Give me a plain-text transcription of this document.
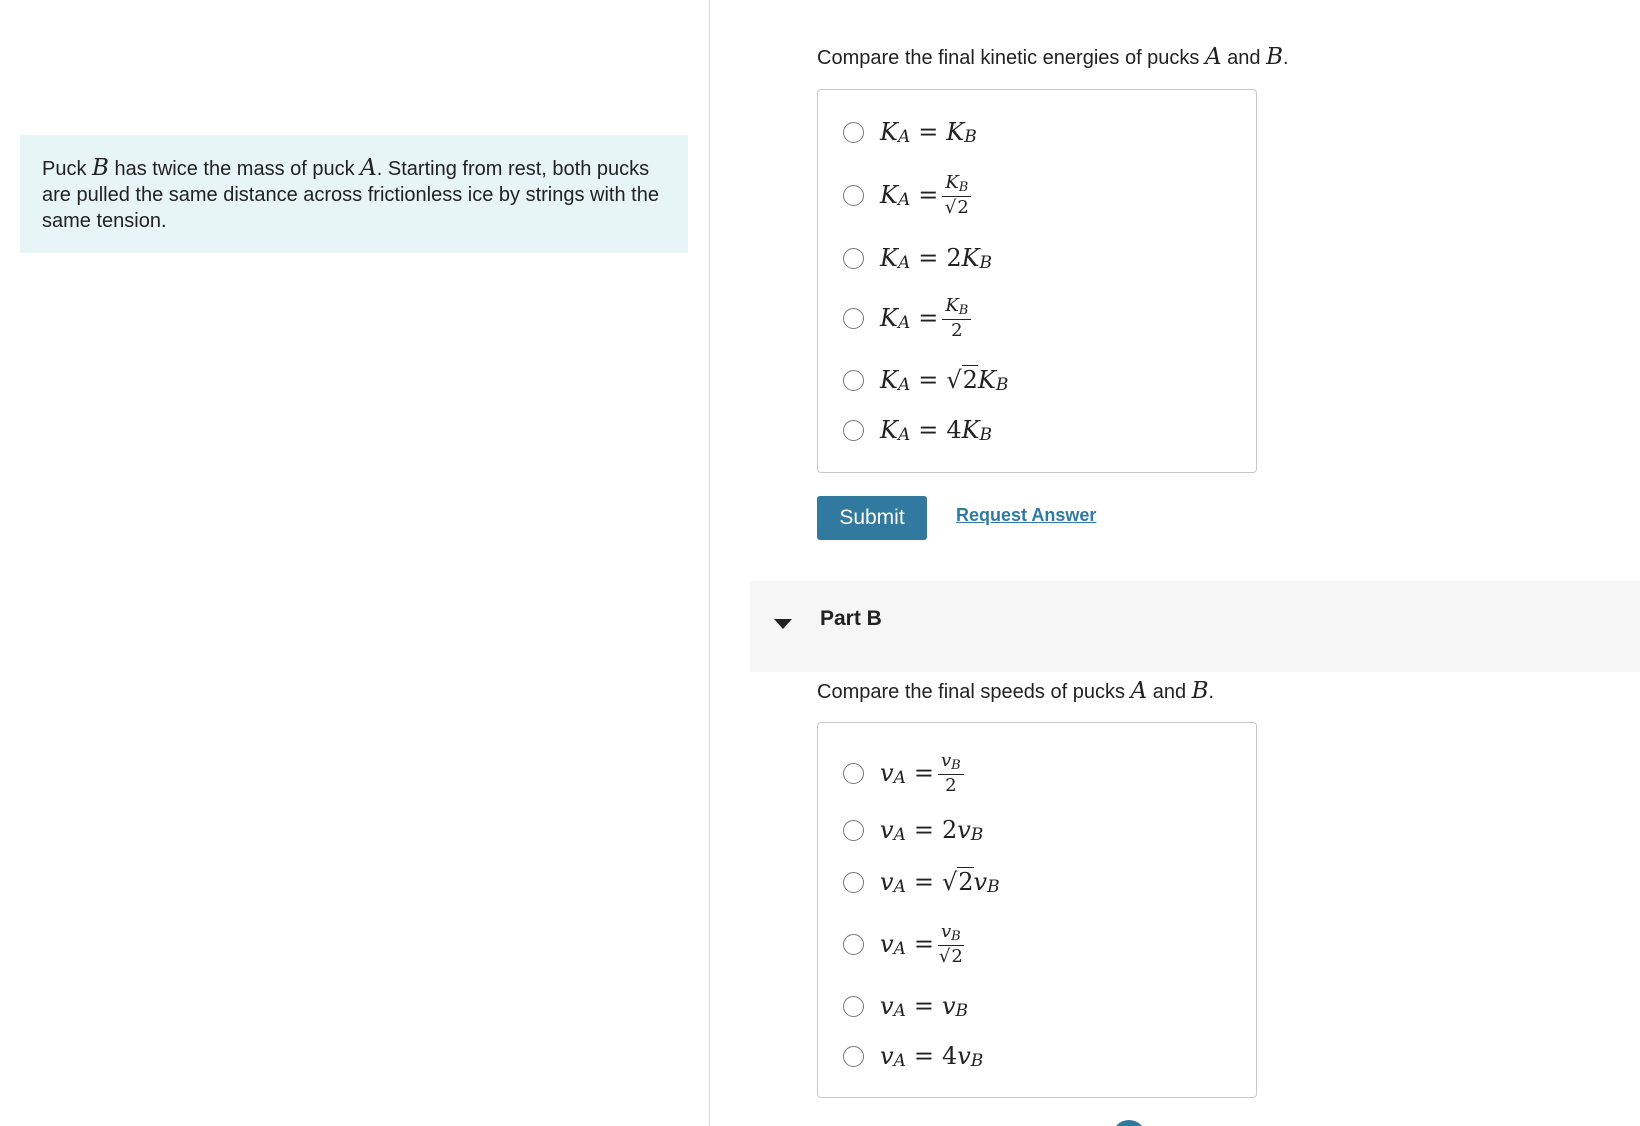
Puck B has twice the mass of puck A. Starting from rest, both pucks are pulled the same distance across frictionless ice by strings with the same tension.
Compare the final kinetic energies of pucks A and B.
$K_A = K_B$
$K_A = \frac{K_B}{√2}$
$K_A = 2$ $K_B$
$K_A = \frac{K_B}{2}$
$K_A = √2$ $K_B$
$K_A = 4$ $K_B$
Submit	Request Answer
Part B
Compare the final speeds of pucks A and B.
$v_A = \frac{v_B}{2}$
$v_A = 2$ $v_B$
$v_A = √2$ $v_B$
$v_A = \frac{v_B}{√2}$
$v_A = v_B$
$v_A = 4$ $v_B$
